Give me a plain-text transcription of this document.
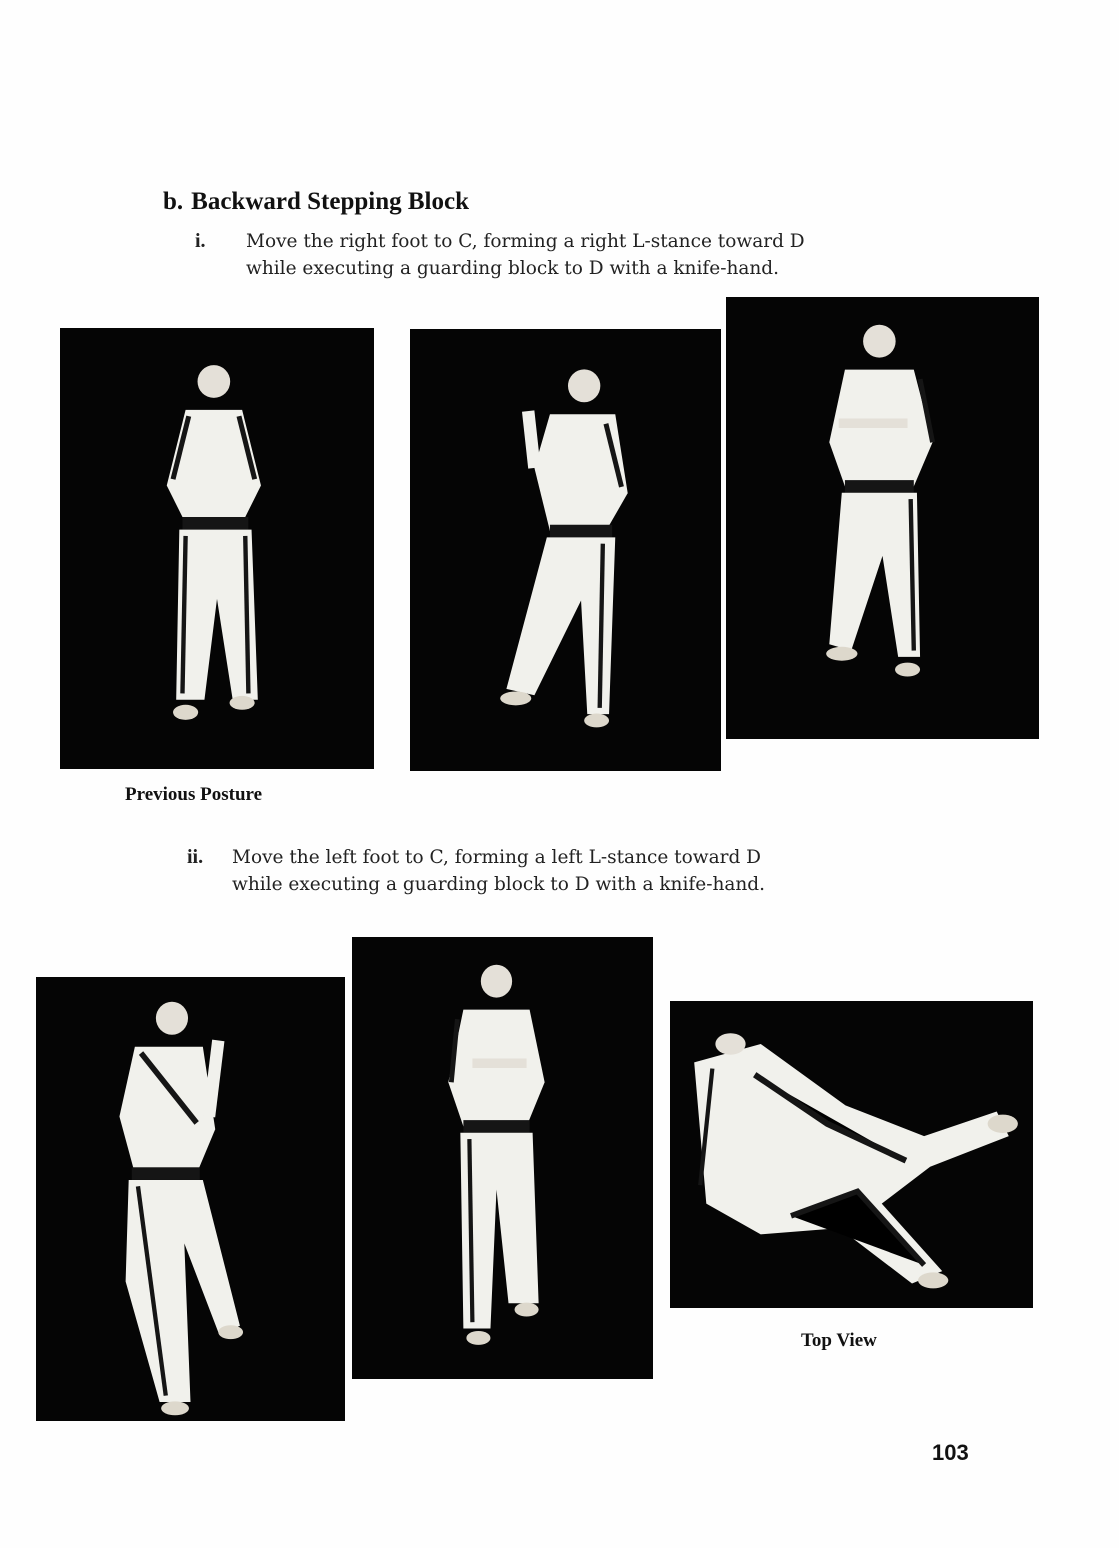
b. Backward Stepping Block
i. Move the right foot to C, forming a right L-stance toward D
while executing a guarding block to D with a knife-hand.
Previous Posture
ii. Move the left foot to C, forming a left L-stance toward D
while executing a guarding block to D with a knife-hand.
Top View
103
